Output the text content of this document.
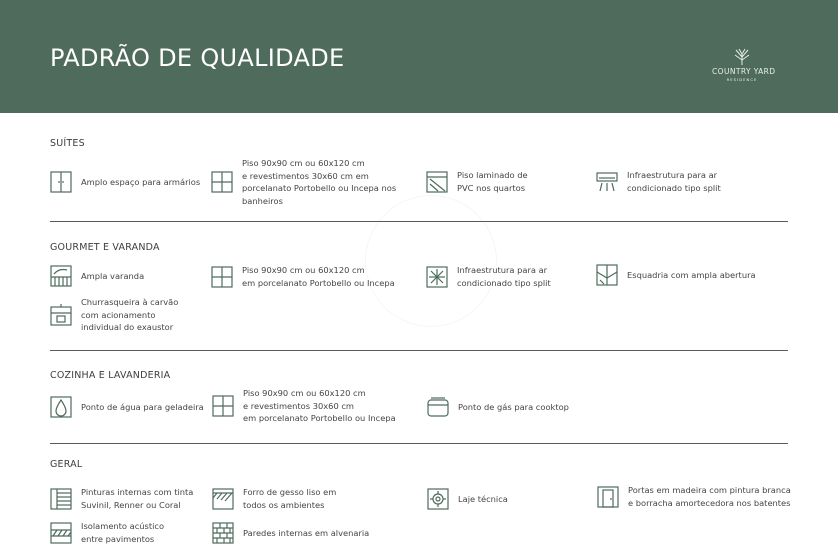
PADRÃO DE QUALIDADE	COUNTRY YARD
RESIDENCE
SUÍTES
Amplo espaço para armários
Piso 90x90 cm ou 60x120 cm
e revestimentos 30x60 cm em
porcelanato Portobello ou Incepa nos
banheiros
Piso laminado de
PVC nos quartos
Infraestrutura para ar
condicionado tipo split
GOURMET E VARANDA
Ampla varanda
Piso 90x90 cm ou 60x120 cm
em porcelanato Portobello ou Incepa
Infraestrutura para ar
condicionado tipo split
Esquadria com ampla abertura
Churrasqueira à carvão
com acionamento
individual do exaustor
COZINHA E LAVANDERIA
Ponto de água para geladeira
Piso 90x90 cm ou 60x120 cm
e revestimentos 30x60 cm
em porcelanato Portobello ou Incepa
Ponto de gás para cooktop
GERAL
Pinturas internas com tinta
Suvinil, Renner ou Coral
Forro de gesso liso em
todos os ambientes
Laje técnica
Portas em madeira com pintura branca
e borracha amortecedora nos batentes
Isolamento acústico
entre pavimentos
Paredes internas em alvenaria
